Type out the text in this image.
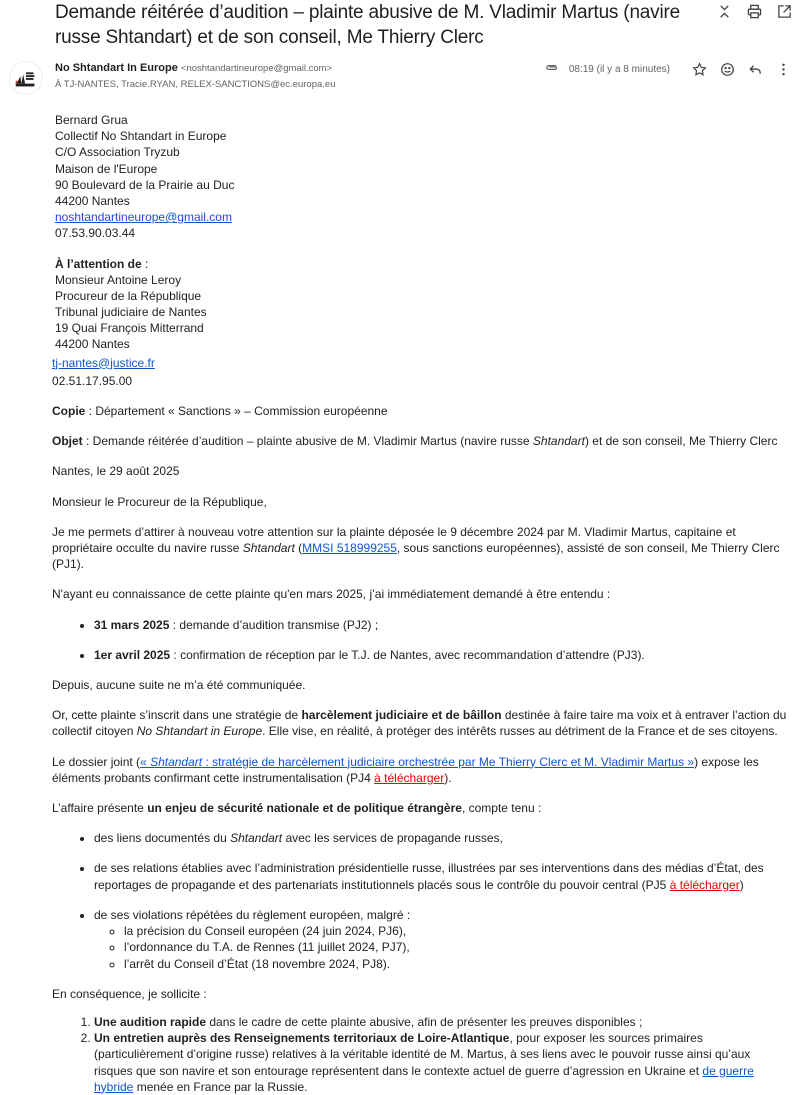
Demande réitérée d’audition – plainte abusive de M. Vladimir Martus (navire russe Shtandart) et de son conseil, Me Thierry Clerc
No Shtandart In Europe <noshtandartineurope@gmail.com>
À TJ-NANTES, Tracie.RYAN, RELEX-SANCTIONS@ec.europa.eu
08:19 (il y a 8 minutes)
Bernard Grua
Collectif No Shtandart in Europe
C/O Association Tryzub
Maison de l'Europe
90 Boulevard de la Prairie au Duc
44200 Nantes
noshtandartineurope@gmail.com
07.53.90.03.44
À l’attention de :
Monsieur Antoine Leroy
Procureur de la République
Tribunal judiciaire de Nantes
19 Quai François Mitterrand
44200 Nantes
tj-nantes@justice.fr
02.51.17.95.00

Copie : Département « Sanctions » – Commission européenne

Objet : Demande réitérée d’audition – plainte abusive de M. Vladimir Martus (navire russe Shtandart) et de son conseil, Me Thierry Clerc

Nantes, le 29 août 2025

Monsieur le Procureur de la République,

Je me permets d’attirer à nouveau votre attention sur la plainte déposée le 9 décembre 2024 par M. Vladimir Martus, capitaine et propriétaire occulte du navire russe Shtandart (MMSI 518999255, sous sanctions européennes), assisté de son conseil, Me Thierry Clerc (PJ1).

N'ayant eu connaissance de cette plainte qu'en mars 2025, j’ai immédiatement demandé à être entendu :

• 31 mars 2025 : demande d’audition transmise (PJ2) ;
• 1er avril 2025 : confirmation de réception par le T.J. de Nantes, avec recommandation d’attendre (PJ3).

Depuis, aucune suite ne m’a été communiquée.

Or, cette plainte s’inscrit dans une stratégie de harcèlement judiciaire et de bâillon destinée à faire taire ma voix et à entraver l’action du collectif citoyen No Shtandart in Europe. Elle vise, en réalité, à protéger des intérêts russes au détriment de la France et de ses citoyens.

Le dossier joint (« Shtandart : stratégie de harcèlement judiciaire orchestrée par Me Thierry Clerc et M. Vladimir Martus ») expose les éléments probants confirmant cette instrumentalisation (PJ4 à télécharger).

L’affaire présente un enjeu de sécurité nationale et de politique étrangère, compte tenu :

• des liens documentés du Shtandart avec les services de propagande russes,
• de ses relations établies avec l’administration présidentielle russe, illustrées par ses interventions dans des médias d’État, des reportages de propagande et des partenariats institutionnels placés sous le contrôle du pouvoir central (PJ5 à télécharger)
• de ses violations répétées du règlement européen, malgré :
◦ la précision du Conseil européen (24 juin 2024, PJ6),
◦ l’ordonnance du T.A. de Rennes (11 juillet 2024, PJ7),
◦ l’arrêt du Conseil d’État (18 novembre 2024, PJ8).

En conséquence, je sollicite :

1. Une audition rapide dans le cadre de cette plainte abusive, afin de présenter les preuves disponibles ;
2. Un entretien auprès des Renseignements territoriaux de Loire-Atlantique, pour exposer les sources primaires (particulièrement d’origine russe) relatives à la véritable identité de M. Martus, à ses liens avec le pouvoir russe ainsi qu’aux risques que son navire et son entourage représentent dans le contexte actuel de guerre d’agression en Ukraine et de guerre hybride menée en France par la Russie.
